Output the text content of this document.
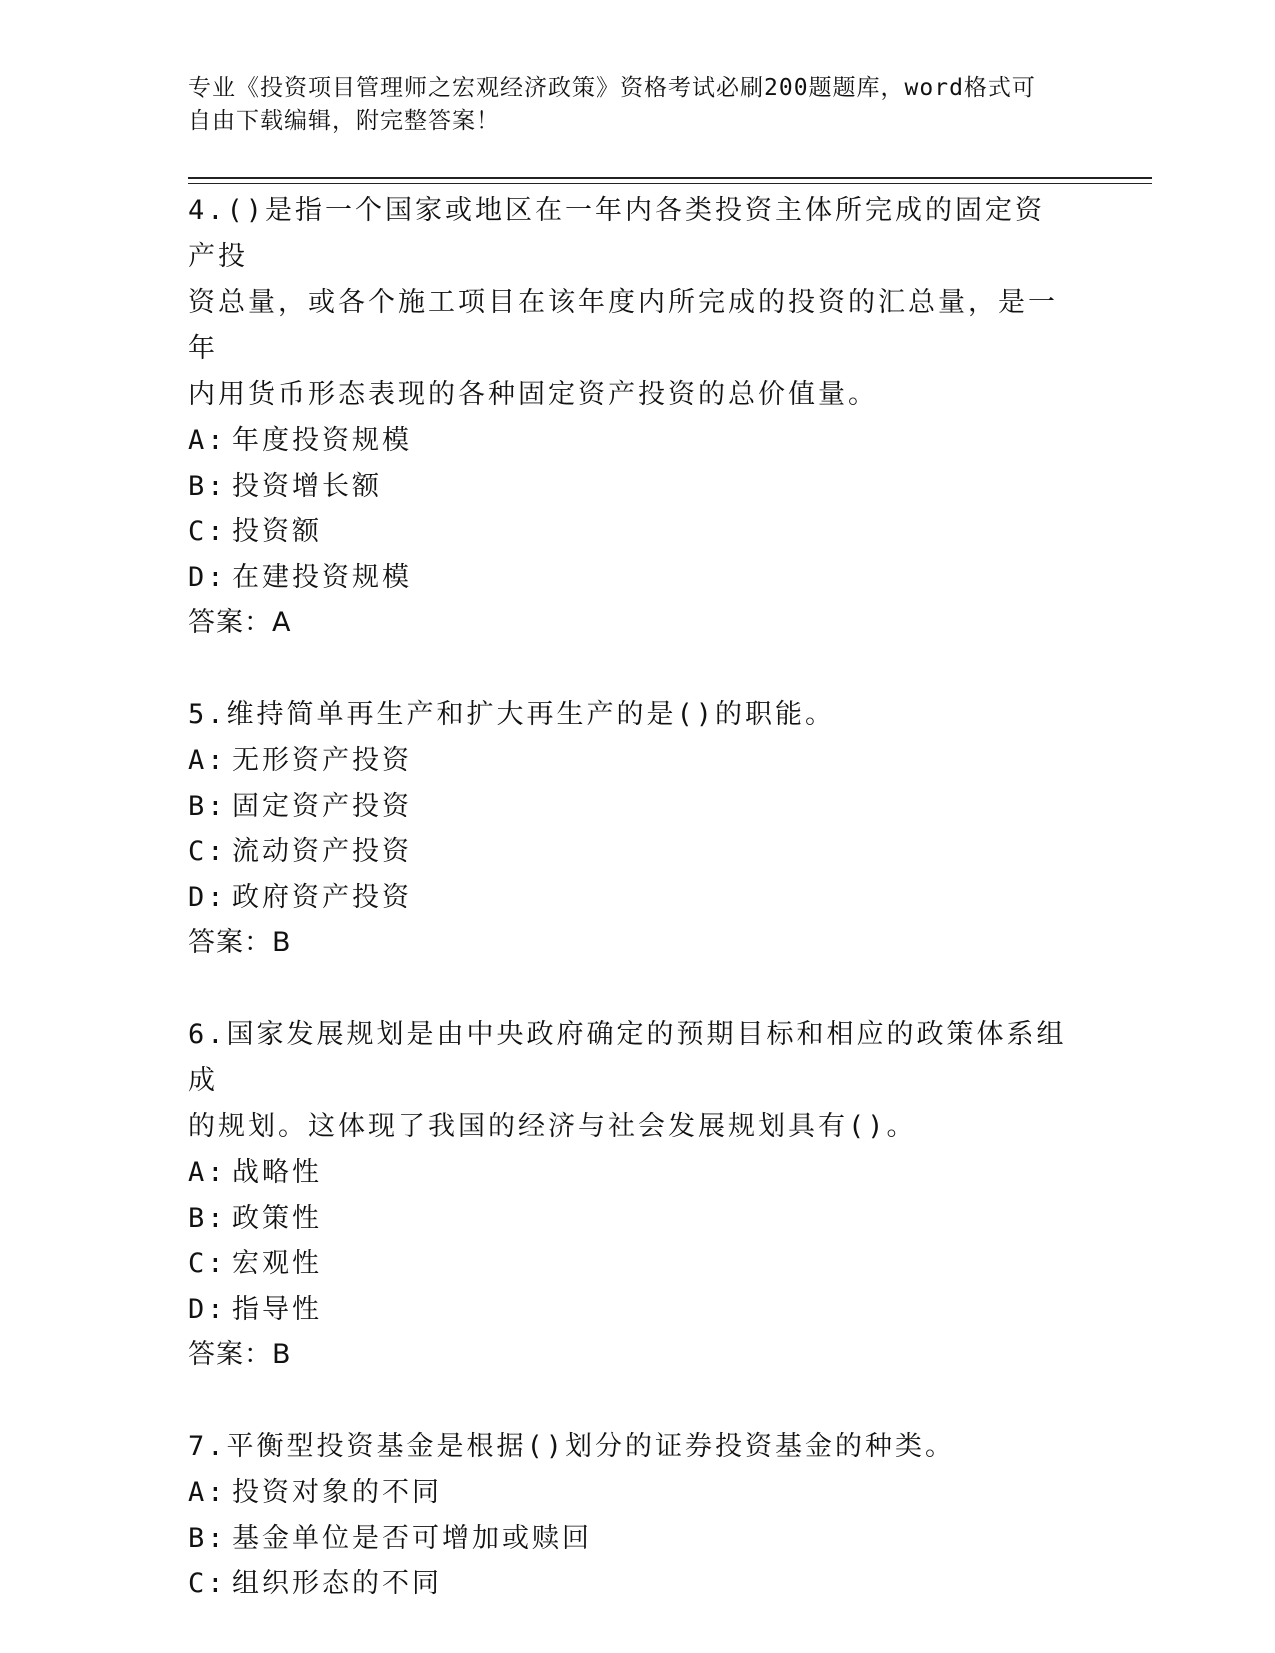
专业《投资项目管理师之宏观经济政策》资格考试必刷200题题库，word格式可
自由下载编辑，附完整答案！
4.()是指一个国家或地区在一年内各类投资主体所完成的固定资产投
资总量，或各个施工项目在该年度内所完成的投资的汇总量，是一年
内用货币形态表现的各种固定资产投资的总价值量。
A: 年度投资规模
B: 投资增长额
C: 投资额
D: 在建投资规模
答案：A
5.维持简单再生产和扩大再生产的是()的职能。
A: 无形资产投资
B: 固定资产投资
C: 流动资产投资
D: 政府资产投资
答案：B
6.国家发展规划是由中央政府确定的预期目标和相应的政策体系组成
的规划。这体现了我国的经济与社会发展规划具有()。
A: 战略性
B: 政策性
C: 宏观性
D: 指导性
答案：B
7.平衡型投资基金是根据()划分的证券投资基金的种类。
A: 投资对象的不同
B: 基金单位是否可增加或赎回
C: 组织形态的不同
